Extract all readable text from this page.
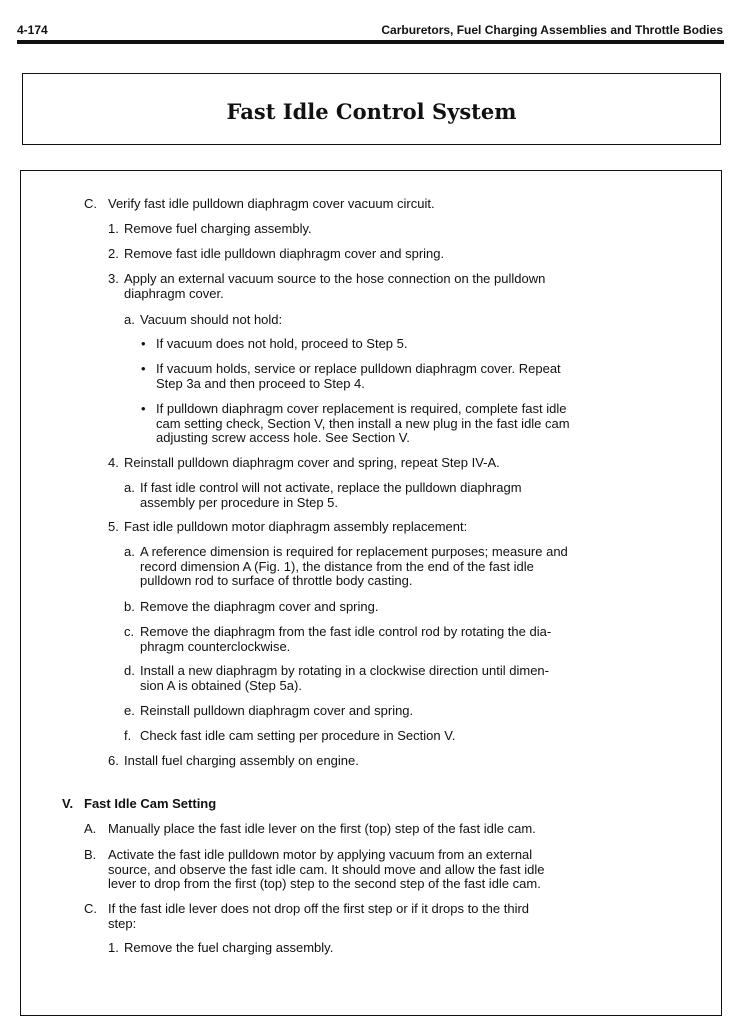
4-174	Carburetors, Fuel Charging Assemblies and Throttle Bodies
Fast Idle Control System
C. Verify fast idle pulldown diaphragm cover vacuum circuit.
1. Remove fuel charging assembly.
2. Remove fast idle pulldown diaphragm cover and spring.
3. Apply an external vacuum source to the hose connection on the pulldown
diaphragm cover.
a. Vacuum should not hold:
• If vacuum does not hold, proceed to Step 5.
• If vacuum holds, service or replace pulldown diaphragm cover. Repeat
Step 3a and then proceed to Step 4.
• If pulldown diaphragm cover replacement is required, complete fast idle
cam setting check, Section V, then install a new plug in the fast idle cam
adjusting screw access hole. See Section V.
4. Reinstall pulldown diaphragm cover and spring, repeat Step IV-A.
a. If fast idle control will not activate, replace the pulldown diaphragm
assembly per procedure in Step 5.
5. Fast idle pulldown motor diaphragm assembly replacement:
a. A reference dimension is required for replacement purposes; measure and
record dimension A (Fig. 1), the distance from the end of the fast idle
pulldown rod to surface of throttle body casting.
b. Remove the diaphragm cover and spring.
c. Remove the diaphragm from the fast idle control rod by rotating the dia-
phragm counterclockwise.
d. Install a new diaphragm by rotating in a clockwise direction until dimen-
sion A is obtained (Step 5a).
e. Reinstall pulldown diaphragm cover and spring.
f. Check fast idle cam setting per procedure in Section V.
6. Install fuel charging assembly on engine.
V. Fast Idle Cam Setting
A. Manually place the fast idle lever on the first (top) step of the fast idle cam.
B. Activate the fast idle pulldown motor by applying vacuum from an external
source, and observe the fast idle cam. It should move and allow the fast idle
lever to drop from the first (top) step to the second step of the fast idle cam.
C. If the fast idle lever does not drop off the first step or if it drops to the third
step:
1. Remove the fuel charging assembly.
